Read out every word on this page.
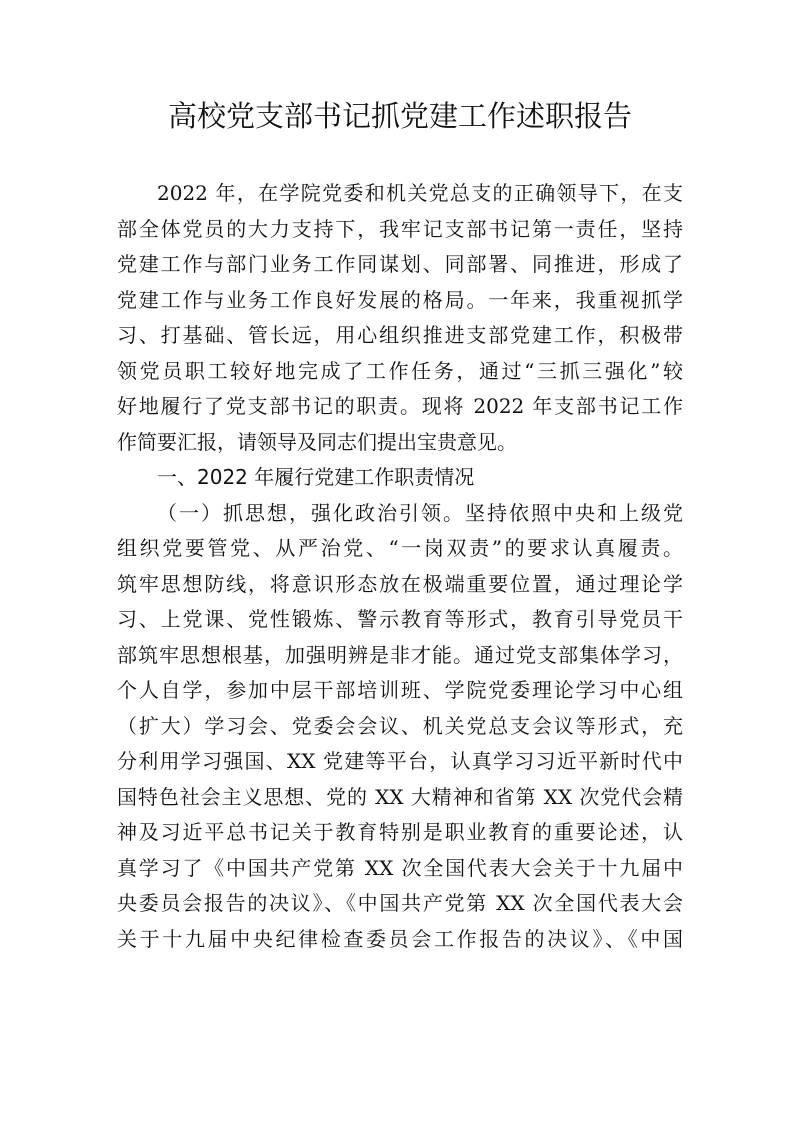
高校党支部书记抓党建工作述职报告
2022 年，在学院党委和机关党总支的正确领导下，在支
部全体党员的大力支持下，我牢记支部书记第一责任，坚持
党建工作与部门业务工作同谋划、同部署、同推进，形成了
党建工作与业务工作良好发展的格局。一年来，我重视抓学
习、打基础、管长远，用心组织推进支部党建工作，积极带
领党员职工较好地完成了工作任务，通过“三抓三强化”较
好地履行了党支部书记的职责。现将 2022 年支部书记工作
作简要汇报，请领导及同志们提出宝贵意见。
一、2022 年履行党建工作职责情况
（一）抓思想，强化政治引领。坚持依照中央和上级党
组织党要管党、从严治党、“一岗双责”的要求认真履责。
筑牢思想防线，将意识形态放在极端重要位置，通过理论学
习、上党课、党性锻炼、警示教育等形式，教育引导党员干
部筑牢思想根基，加强明辨是非才能。通过党支部集体学习，
个人自学，参加中层干部培训班、学院党委理论学习中心组
（扩大）学习会、党委会会议、机关党总支会议等形式，充
分利用学习强国、XX 党建等平台，认真学习习近平新时代中
国特色社会主义思想、党的 XX 大精神和省第 XX 次党代会精
神及习近平总书记关于教育特别是职业教育的重要论述，认
真学习了《中国共产党第 XX 次全国代表大会关于十九届中
央委员会报告的决议》、《中国共产党第 XX 次全国代表大会
关于十九届中央纪律检查委员会工作报告的决议》、《中国
